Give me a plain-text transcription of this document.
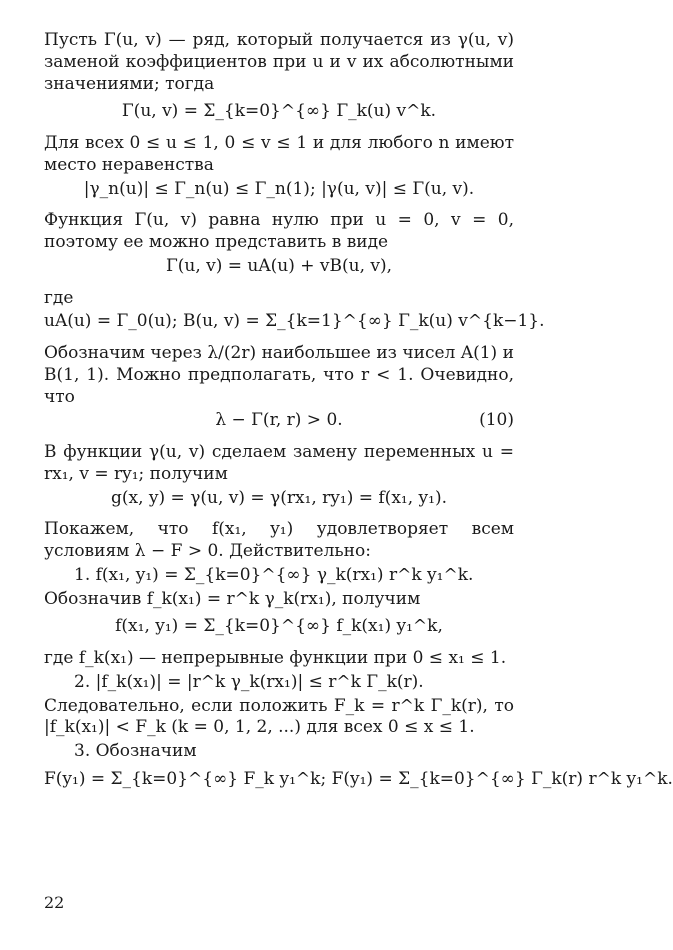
Пусть Γ(u, v) — ряд, который получается из γ(u, v) заменой коэффициентов при u и v их абсолютными значениями; тогда

Γ(u, v) = Σ_{k=0}^{∞} Γ_k(u) v^k.

Для всех 0 ≤ u ≤ 1, 0 ≤ v ≤ 1 и для любого n имеют место неравенства

|γ_n(u)| ≤ Γ_n(u) ≤ Γ_n(1); |γ(u, v)| ≤ Γ(u, v).

Функция Γ(u, v) равна нулю при u = 0, v = 0, поэтому ее можно представить в виде

Γ(u, v) = uA(u) + vB(u, v),

где

uA(u) = Γ_0(u); B(u, v) = Σ_{k=1}^{∞} Γ_k(u) v^{k−1}.

Обозначим через λ/(2r) наибольшее из чисел A(1) и B(1, 1). Можно предполагать, что r < 1. Очевидно, что

λ − Γ(r, r) > 0.	(10)

В функции γ(u, v) сделаем замену переменных u = rx₁, v = ry₁; получим

g(x, y) = γ(u, v) = γ(rx₁, ry₁) = f(x₁, y₁).

Покажем, что f(x₁, y₁) удовлетворяет всем условиям λ − F > 0. Действительно:

1. f(x₁, y₁) = Σ_{k=0}^{∞} γ_k(rx₁) r^k y₁^k.

Обозначив f_k(x₁) = r^k γ_k(rx₁), получим

f(x₁, y₁) = Σ_{k=0}^{∞} f_k(x₁) y₁^k,

где f_k(x₁) — непрерывные функции при 0 ≤ x₁ ≤ 1.

2. |f_k(x₁)| = |r^k γ_k(rx₁)| ≤ r^k Γ_k(r).

Следовательно, если положить F_k = r^k Γ_k(r), то |f_k(x₁)| < F_k (k = 0, 1, 2, ...) для всех 0 ≤ x ≤ 1.

3. Обозначим
F(y₁) = Σ_{k=0}^{∞} F_k y₁^k; F(y₁) = Σ_{k=0}^{∞} Γ_k(r) r^k y₁^k.
22
